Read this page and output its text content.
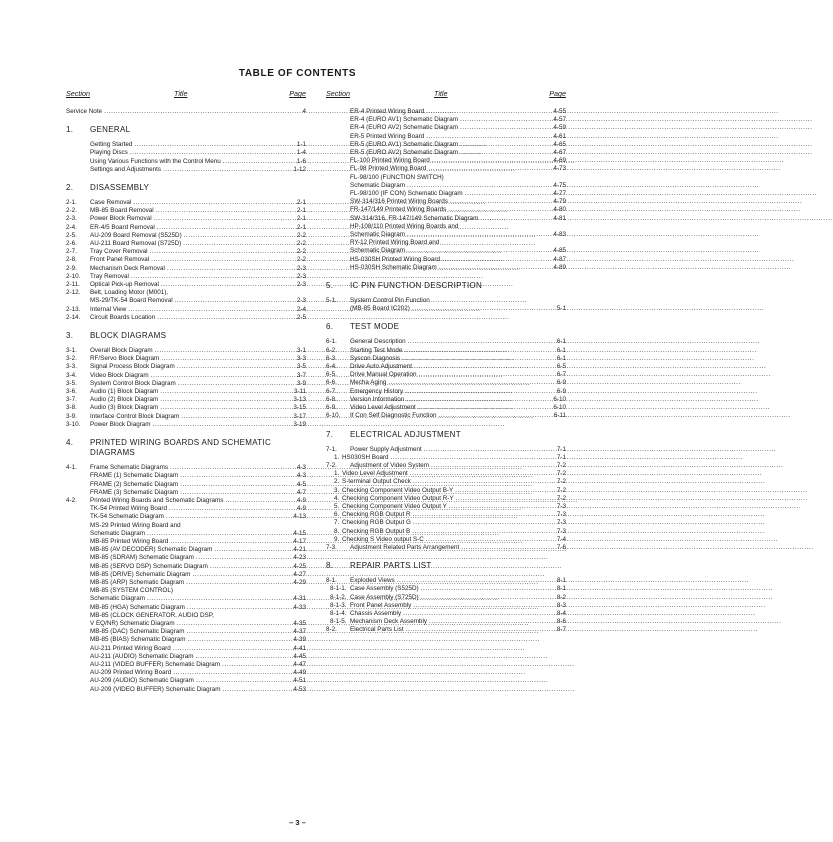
TABLE OF CONTENTS
Section	Title	Page
Service Note .....	4
1.	GENERAL
Getting Started .....	1-1
Playing Discs .....	1-4
Using Various Functions with the Control Menu .....	1-6
Settings and Adjustments .....	1-12
2.	DISASSEMBLY
2-1.	Case Removal .....	2-1
2-2.	MB-85 Board Removal .....	2-1
2-3.	Power Block Removal .....	2-1
2-4.	ER-4/5 Board Removal .....	2-1
2-5.	AU-209 Board Removal (S525D) .....	2-2
2-6.	AU-211 Board Removal (S725D) .....	2-2
2-7.	Tray Cover Removal .....	2-2
2-8.	Front Panel Removal .....	2-2
2-9.	Mechanism Deck Removal .....	2-3
2-10.	Tray Removal .....	2-3
2-11.	Optical Pick-up Removal .....	2-3
2-12.	Belt, Loading Motor (M001),
MS-29/TK-54 Board Removal .....	2-3
2-13.	Internal View .....	2-4
2-14.	Circuit Boards Location .....	2-5
3.	BLOCK DIAGRAMS
3-1.	Overall Block Diagram .....	3-1
3-2.	RF/Servo Block Diagram .....	3-3
3-3.	Signal Process Block Diagram .....	3-5
3-4.	Video Block Diagram .....	3-7
3-5.	System Control Block Diagram .....	3-9
3-6.	Audio (1) Block Diagram .....	3-11
3-7.	Audio (2) Block Diagram .....	3-13
3-8.	Audio (3) Block Diagram .....	3-15
3-9.	Interface Control Block Diagram .....	3-17
3-10.	Power Block Diagram .....	3-19
4.	PRINTED WIRING BOARDS AND SCHEMATIC
DIAGRAMS
4-1.	Frame Schematic Diagrams .....	4-3
FRAME (1) Schematic Diagram .....	4-3
FRAME (2) Schematic Diagram .....	4-5
FRAME (3) Schematic Diagram .....	4-7
4-2.	Printed Wiring Boards and Schematic Diagrams .....	4-9
TK-54 Printed Wiring Board .....	4-9
TK-54 Schematic Diagram .....	4-13
MS-29 Printed Wiring Board and
Schematic Diagram .....	4-15
MB-85 Printed Wiring Board .....	4-17
MB-85 (AV DECODER) Schematic Diagram .....	4-21
MB-85 (SDRAM) Schematic Diagram .....	4-23
MB-85 (SERVO DSP) Schematic Diagram .....	4-25
MB-85 (DRIVE) Schematic Diagram .....	4-27
MB-85 (ARP) Schematic Diagram .....	4-29
MB-85 (SYSTEM CONTROL)
Schematic Diagram .....	4-31
MB-85 (HGA) Schematic Diagram .....	4-33
MB-85 (CLOCK GENERATOR, AUDIO DSP,
V EQ/NR) Schematic Diagram .....	4-35
MB-85 (DAC) Schematic Diagram .....	4-37
MB-85 (BIAS) Schematic Diagram .....	4-39
AU-211 Printed Wiring Board .....	4-41
AU-211 (AUDIO) Schematic Diagram .....	4-45
AU-211 (VIDEO BUFFER) Schematic Diagram .....	4-47
AU-209 Printed Wiring Board .....	4-49
AU-209 (AUDIO) Schematic Diagram .....	4-51
AU-209 (VIDEO BUFFER) Schematic Diagram .....	4-53
Section	Title	Page
ER-4 Printed Wiring Board .....	4-55
ER-4 (EURO AV1) Schematic Diagram .....	4-57
ER-4 (EURO AV2) Schematic Diagram .....	4-59
ER-5 Printed Wiring Board .....	4-61
ER-5 (EURO AV1) Schematic Diagram .....	4-65
ER-5 (EURO AV2) Schematic Diagram .....	4-67
FL-100 Printed Wiring Board .....	4-69
FL-98 Printed Wiring Board .....	4-73
FL-98/100 (FUNCTION SWITCH)
Schematic Diagram .....	4-75
FL-98/100 (IF CON) Schematic Diagram .....	4-77
SW-314/316 Printed Wiring Boards .....	4-79
FR-147/149 Printed Wiring Boards .....	4-80
SW-314/316, FR-147/149 Schematic Diagram .....	4-81
HP-108/110 Printed Wiring Boards and
Schematic Diagram .....	4-83
RY-12 Printed Wiring Board and
Schematic Diagram .....	4-85
HS-030SH Printed Wiring Board .....	4-87
HS-030SH Schematic Diagram .....	4-89
5.	IC PIN FUNCTION DESCRIPTION
5-1.	System Control Pin Function
(MB-85 Board IC202) .....	5-1
6.	TEST MODE
6-1.	General Description .....	6-1
6-2.	Starting Test Mode .....	6-1
6-3.	Syscon Diagnosis .....	6-1
6-4.	Drive Auto Adjustment .....	6-5
6-5.	Drive Manual Operation .....	6-7
6-6.	Mecha Aging .....	6-9
6-7.	Emergency History .....	6-9
6-8.	Version Information .....	6-10
6-9.	Video Level Adjustment .....	6-10
6-10.	If Con Self Diagnostic Function .....	6-11
7.	ELECTRICAL ADJUSTMENT
7-1.	Power Supply Adjustment .....	7-1
1. HS030SH Board .....	7-1
7-2.	Adjustment of Video System .....	7-2
1. Video Level Adjustment .....	7-2
2. S-terminal Output Check .....	7-2
3. Checking Component Video Output B-Y .....	7-2
4. Checking Component Video Output R-Y .....	7-2
5. Checking Component Video Output Y .....	7-3
6. Checking RGB Output R .....	7-3
7. Checking RGB Output G .....	7-3
8. Checking RGB Output B .....	7-3
9. Checking S Video output S-C .....	7-4
7-3.	Adjustment Related Parts Arrangement .....	7-6
8.	REPAIR PARTS LIST
8-1.	Exploded Views .....	8-1
8-1-1. Case Assembly (S525D) .....	8-1
8-1-2. Case Assembly (S725D) .....	8-2
8-1-3. Front Panel Assembly .....	8-3
8-1-4. Chassis Assembly .....	8-4
8-1-5. Mechanism Deck Assembly .....	8-6
8-2.	Electrical Parts List .....	8-7
– 3 –
